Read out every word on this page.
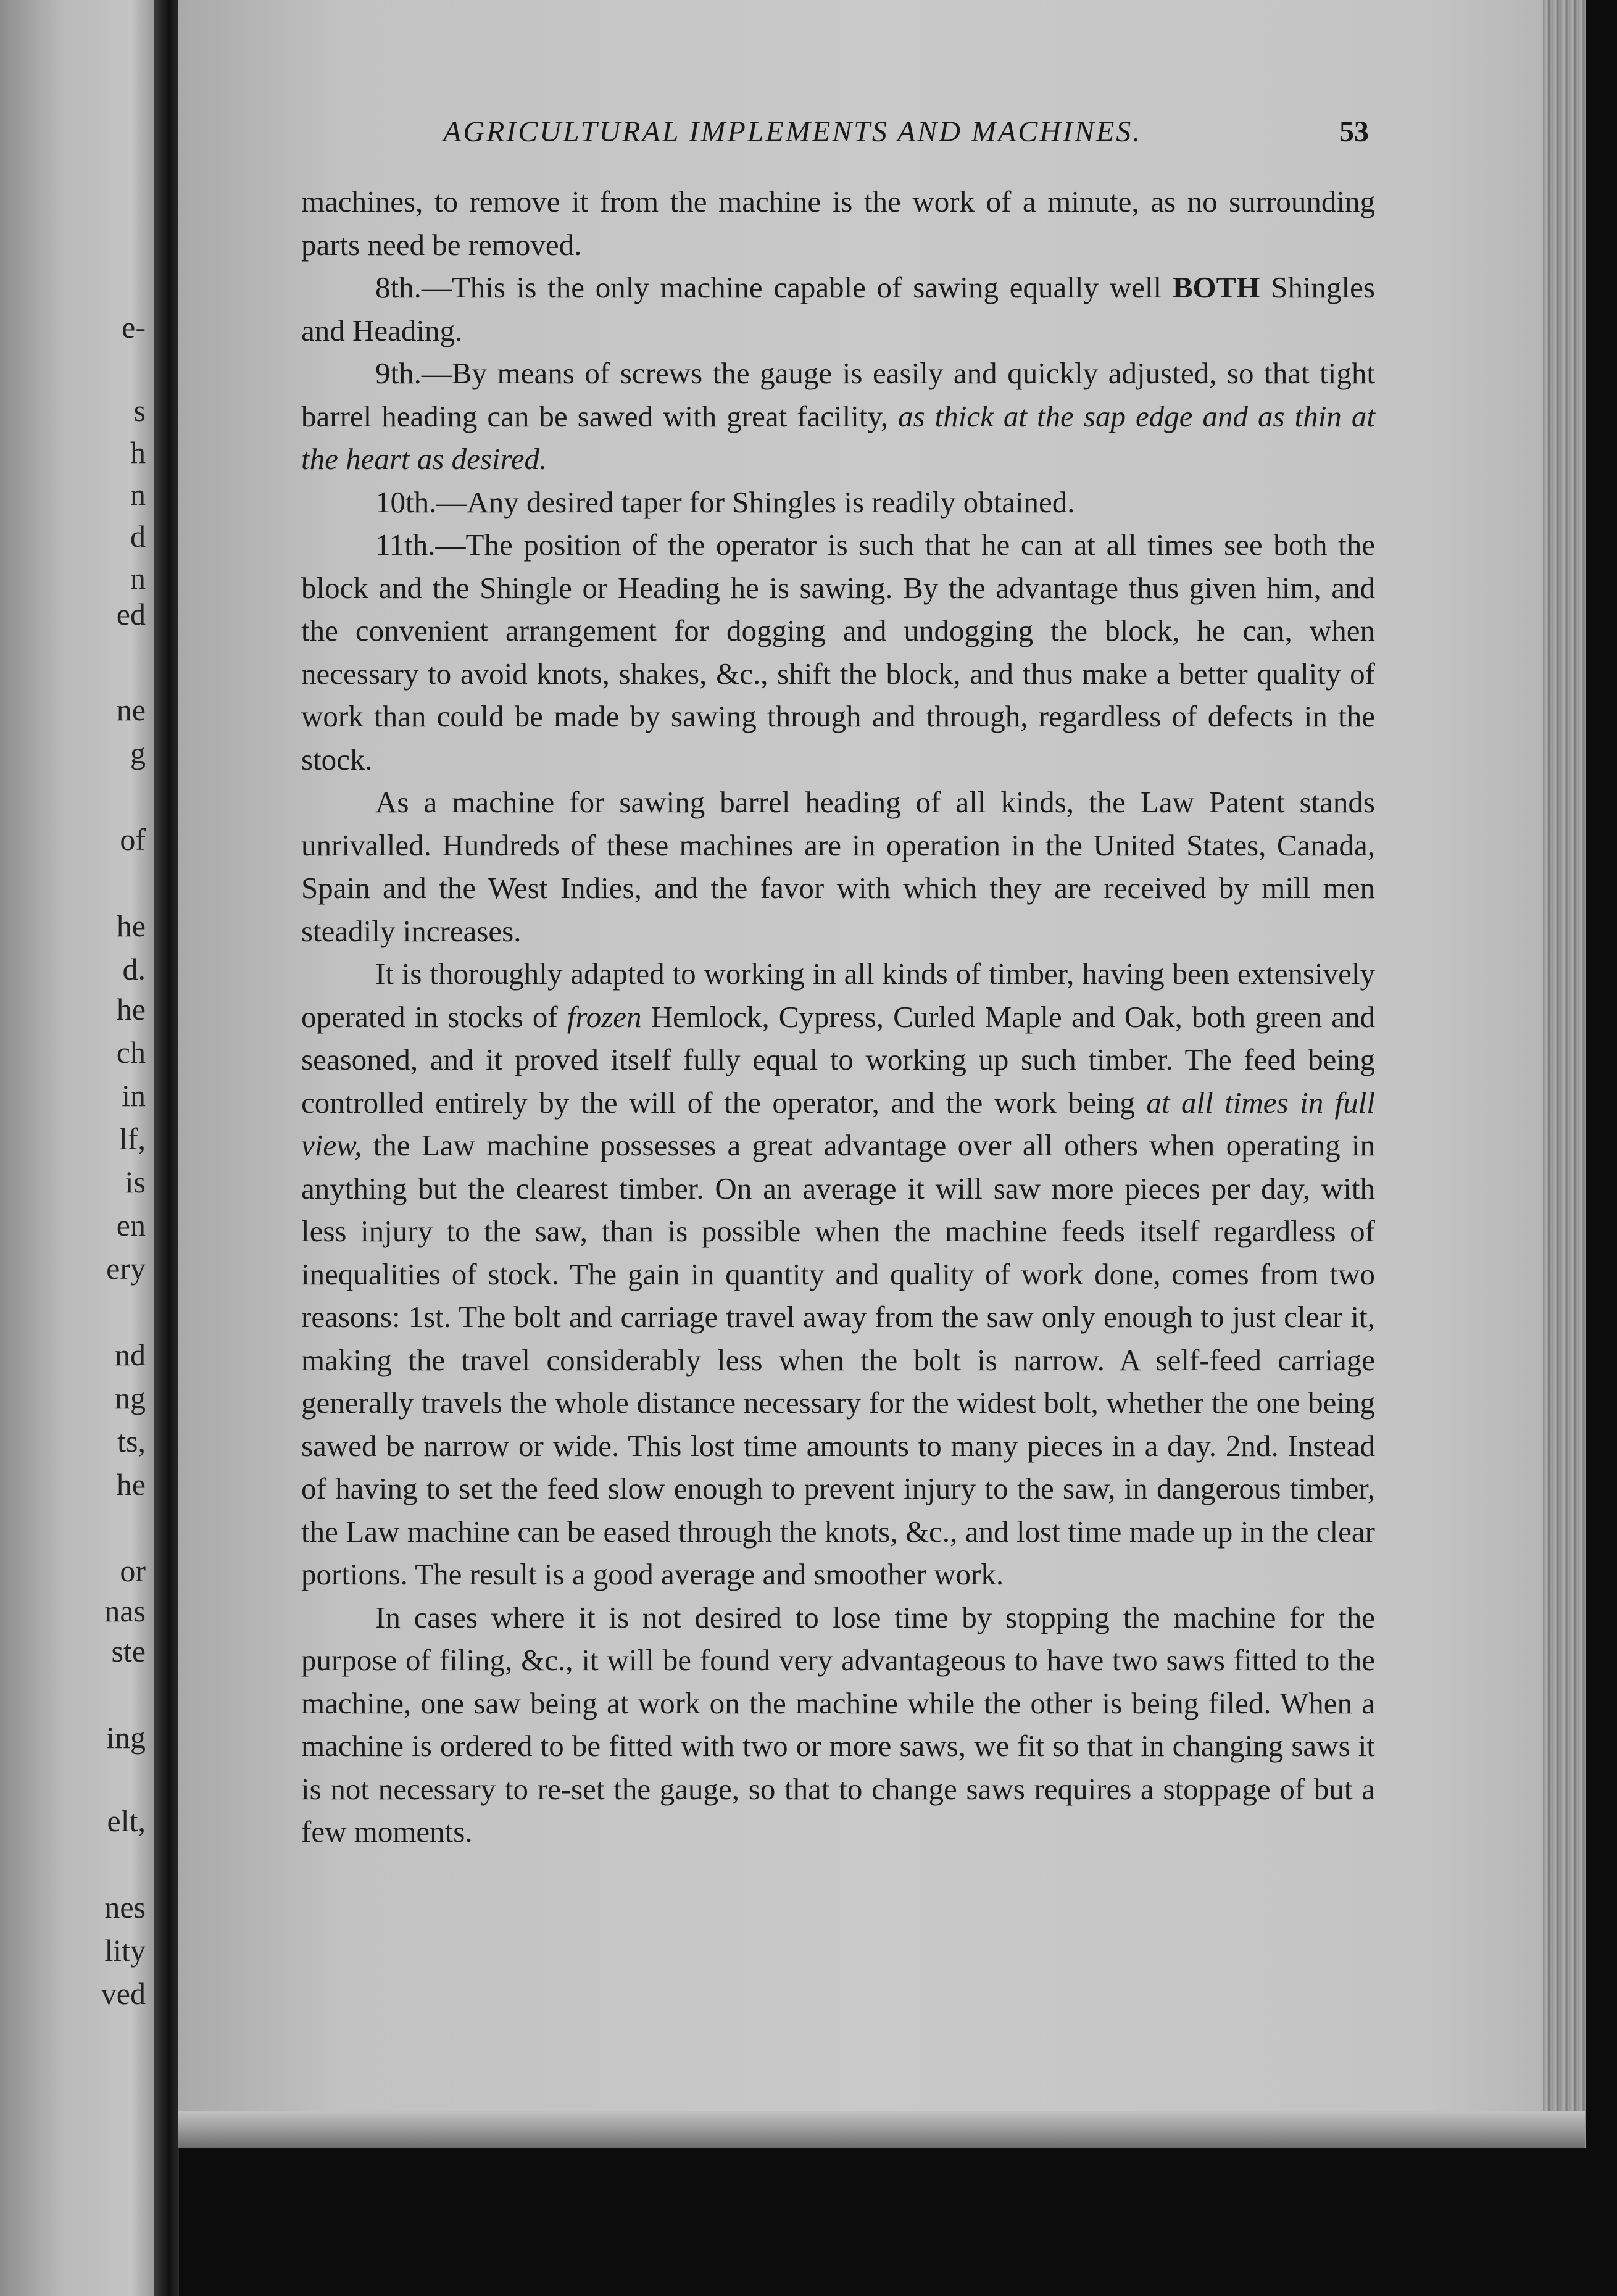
e-
s
h
n
d
n
ed
ne
g
of
he
d.
he
ch
in
lf,
is
en
ery
nd
ng
ts,
he
or
nas
ste
ing
elt,
nes
lity
ved
AGRICULTURAL IMPLEMENTS AND MACHINES.	53

machines, to remove it from the machine is the work of a minute, as no surrounding parts need be removed.

8th.—This is the only machine capable of sawing equally well BOTH Shingles and Heading.

9th.—By means of screws the gauge is easily and quickly adjusted, so that tight barrel heading can be sawed with great facility, as thick at the sap edge and as thin at the heart as desired.

10th.—Any desired taper for Shingles is readily obtained.

11th.—The position of the operator is such that he can at all times see both the block and the Shingle or Heading he is sawing. By the advantage thus given him, and the convenient arrangement for dogging and undogging the block, he can, when necessary to avoid knots, shakes, &c., shift the block, and thus make a better quality of work than could be made by sawing through and through, regardless of defects in the stock.

As a machine for sawing barrel heading of all kinds, the Law Patent stands unrivalled. Hundreds of these machines are in operation in the United States, Canada, Spain and the West Indies, and the favor with which they are received by mill men steadily increases.

It is thoroughly adapted to working in all kinds of timber, having been extensively operated in stocks of frozen Hemlock, Cypress, Curled Maple and Oak, both green and seasoned, and it proved itself fully equal to working up such timber. The feed being controlled entirely by the will of the operator, and the work being at all times in full view, the Law machine possesses a great advantage over all others when operating in anything but the clearest timber. On an average it will saw more pieces per day, with less injury to the saw, than is possible when the machine feeds itself regardless of inequalities of stock. The gain in quantity and quality of work done, comes from two reasons: 1st. The bolt and carriage travel away from the saw only enough to just clear it, making the travel considerably less when the bolt is narrow. A self-feed carriage generally travels the whole distance necessary for the widest bolt, whether the one being sawed be narrow or wide. This lost time amounts to many pieces in a day. 2nd. Instead of having to set the feed slow enough to prevent injury to the saw, in dangerous timber, the Law machine can be eased through the knots, &c., and lost time made up in the clear portions. The result is a good average and smoother work.

In cases where it is not desired to lose time by stopping the machine for the purpose of filing, &c., it will be found very advantageous to have two saws fitted to the machine, one saw being at work on the machine while the other is being filed. When a machine is ordered to be fitted with two or more saws, we fit so that in changing saws it is not necessary to re-set the gauge, so that to change saws requires a stoppage of but a few moments.
